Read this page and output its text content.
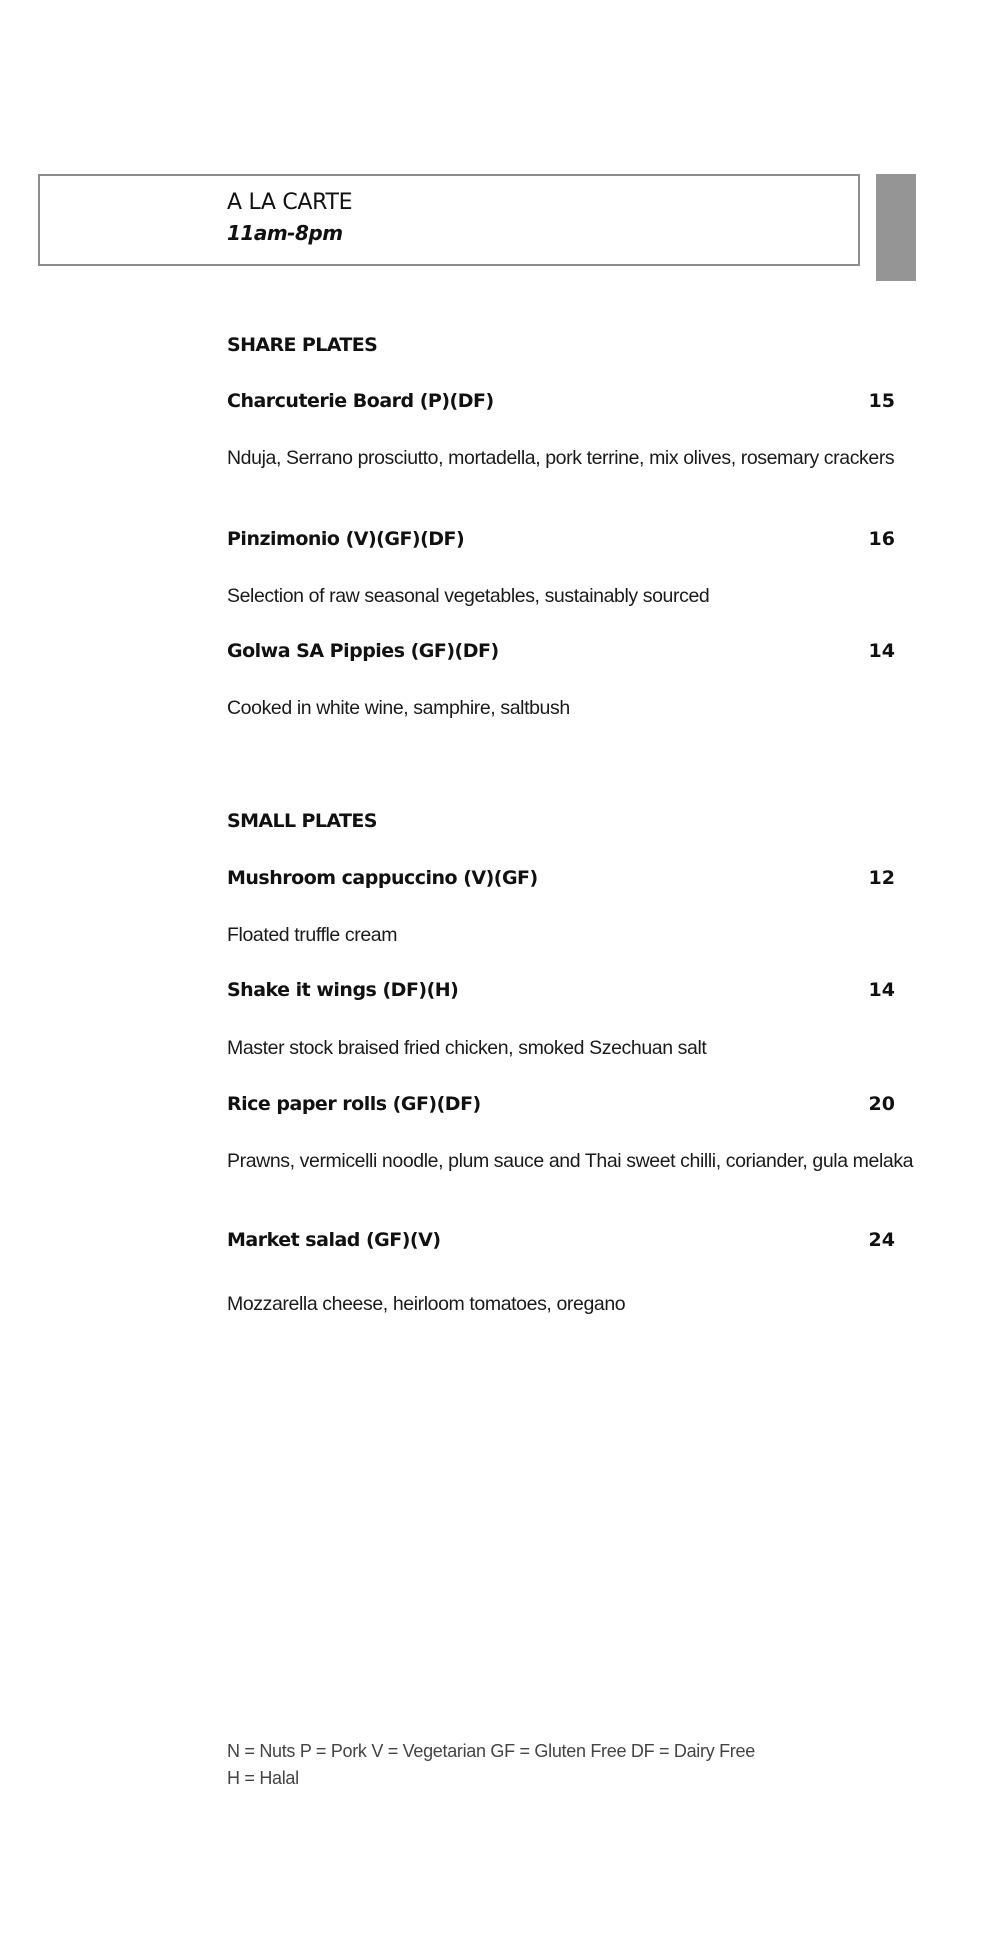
A LA CARTE
11am-8pm
SHARE PLATES
Charcuterie Board (P)(DF)	15
Nduja, Serrano prosciutto, mortadella, pork terrine, mix olives, rosemary crackers
Pinzimonio (V)(GF)(DF)	16
Selection of raw seasonal vegetables, sustainably sourced
Golwa SA Pippies (GF)(DF)	14
Cooked in white wine, samphire, saltbush
SMALL PLATES
Mushroom cappuccino (V)(GF)	12
Floated truffle cream
Shake it wings (DF)(H)	14
Master stock braised fried chicken, smoked Szechuan salt
Rice paper rolls (GF)(DF)	20
Prawns, vermicelli noodle, plum sauce and Thai sweet chilli, coriander, gula melaka
Market salad (GF)(V)	24
Mozzarella cheese, heirloom tomatoes, oregano
N = Nuts P = Pork V = Vegetarian GF = Gluten Free DF = Dairy Free
H = Halal
